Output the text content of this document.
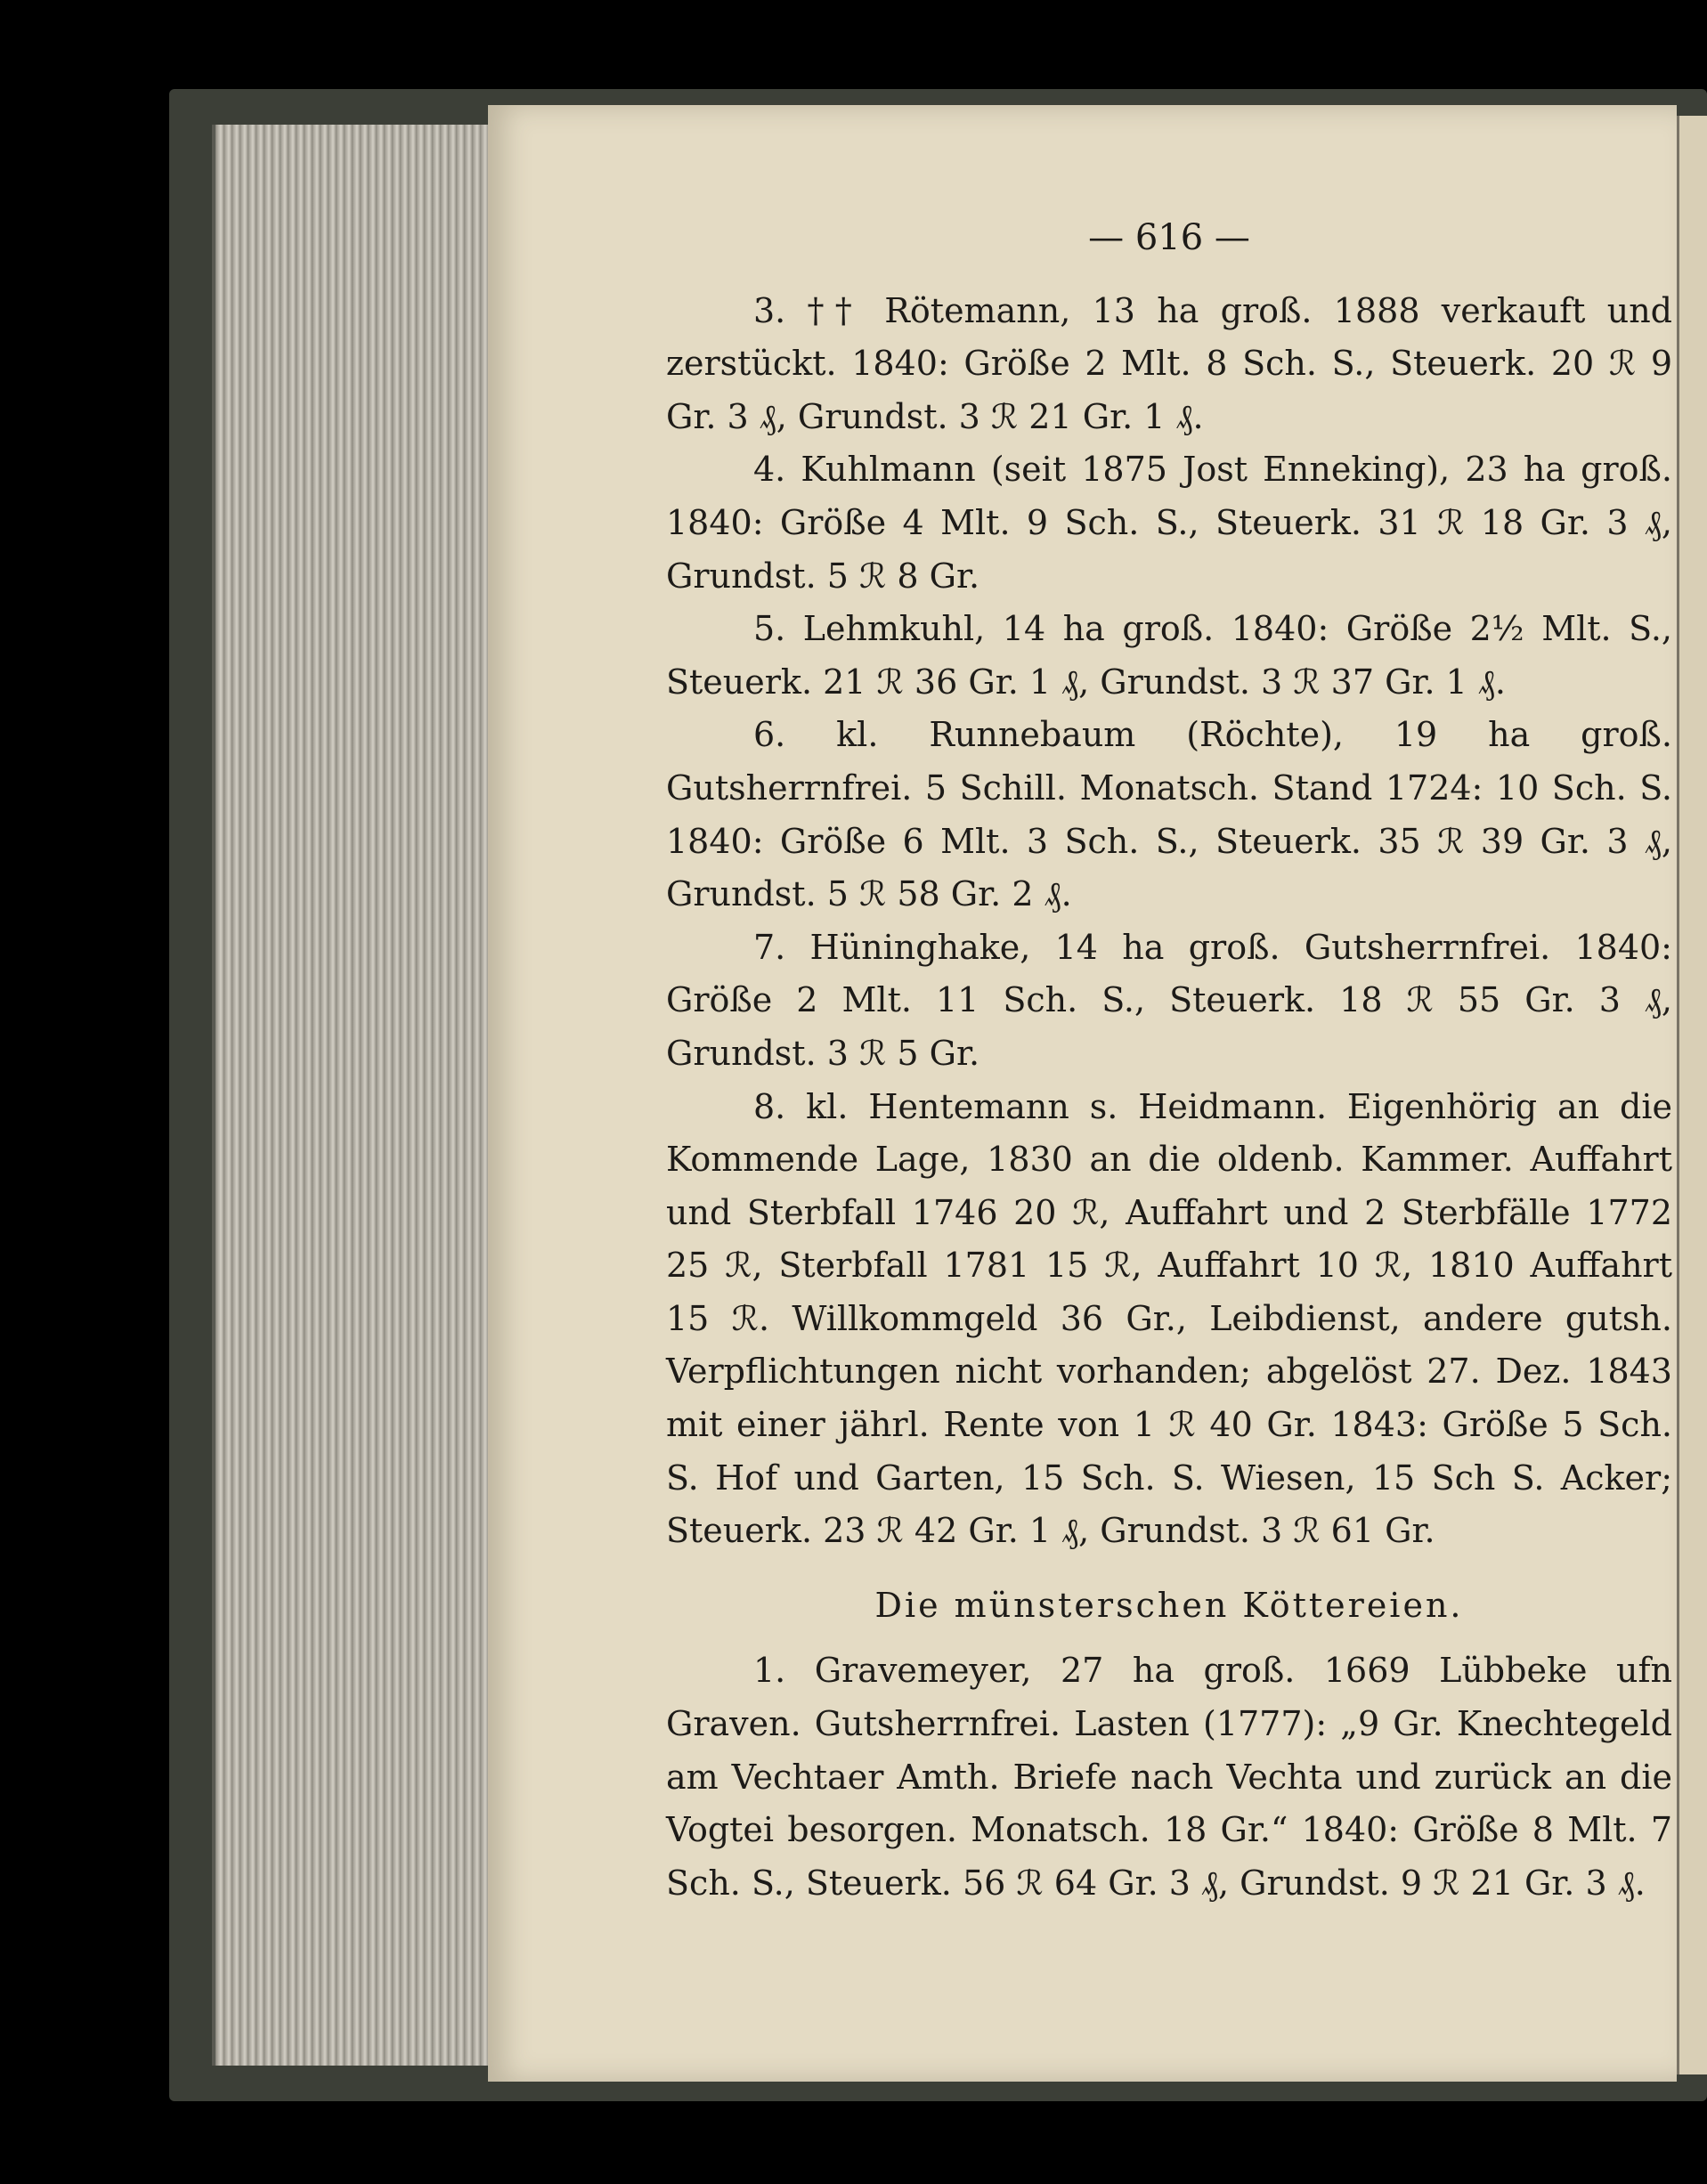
— 616 —

3. †† Rötemann, 13 ha groß. 1888 verkauft und zerstückt. 1840: Größe 2 Mlt. 8 Sch. S., Steuerk. 20 ℛ 9 Gr. 3 ₰, Grundst. 3 ℛ 21 Gr. 1 ₰.

4. Kuhlmann (seit 1875 Jost Enneking), 23 ha groß. 1840: Größe 4 Mlt. 9 Sch. S., Steuerk. 31 ℛ 18 Gr. 3 ₰, Grundst. 5 ℛ 8 Gr.

5. Lehmkuhl, 14 ha groß. 1840: Größe 2½ Mlt. S., Steuerk. 21 ℛ 36 Gr. 1 ₰, Grundst. 3 ℛ 37 Gr. 1 ₰.

6. kl. Runnebaum (Röchte), 19 ha groß. Gutsherrnfrei. 5 Schill. Monatsch. Stand 1724: 10 Sch. S. 1840: Größe 6 Mlt. 3 Sch. S., Steuerk. 35 ℛ 39 Gr. 3 ₰, Grundst. 5 ℛ 58 Gr. 2 ₰.

7. Hüninghake, 14 ha groß. Gutsherrnfrei. 1840: Größe 2 Mlt. 11 Sch. S., Steuerk. 18 ℛ 55 Gr. 3 ₰, Grundst. 3 ℛ 5 Gr.

8. kl. Hentemann s. Heidmann. Eigenhörig an die Kommende Lage, 1830 an die oldenb. Kammer. Auffahrt und Sterbfall 1746 20 ℛ, Auffahrt und 2 Sterbfälle 1772 25 ℛ, Sterbfall 1781 15 ℛ, Auffahrt 10 ℛ, 1810 Auffahrt 15 ℛ. Willkommgeld 36 Gr., Leibdienst, andere gutsh. Verpflichtungen nicht vorhanden; abgelöst 27. Dez. 1843 mit einer jährl. Rente von 1 ℛ 40 Gr. 1843: Größe 5 Sch. S. Hof und Garten, 15 Sch. S. Wiesen, 15 Sch S. Acker; Steuerk. 23 ℛ 42 Gr. 1 ₰, Grundst. 3 ℛ 61 Gr.

Die münsterschen Köttereien.

1. Gravemeyer, 27 ha groß. 1669 Lübbeke ufn Graven. Gutsherrnfrei. Lasten (1777): „9 Gr. Knechtegeld am Vechtaer Amth. Briefe nach Vechta und zurück an die Vogtei besorgen. Monatsch. 18 Gr.“ 1840: Größe 8 Mlt. 7 Sch. S., Steuerk. 56 ℛ 64 Gr. 3 ₰, Grundst. 9 ℛ 21 Gr. 3 ₰.
